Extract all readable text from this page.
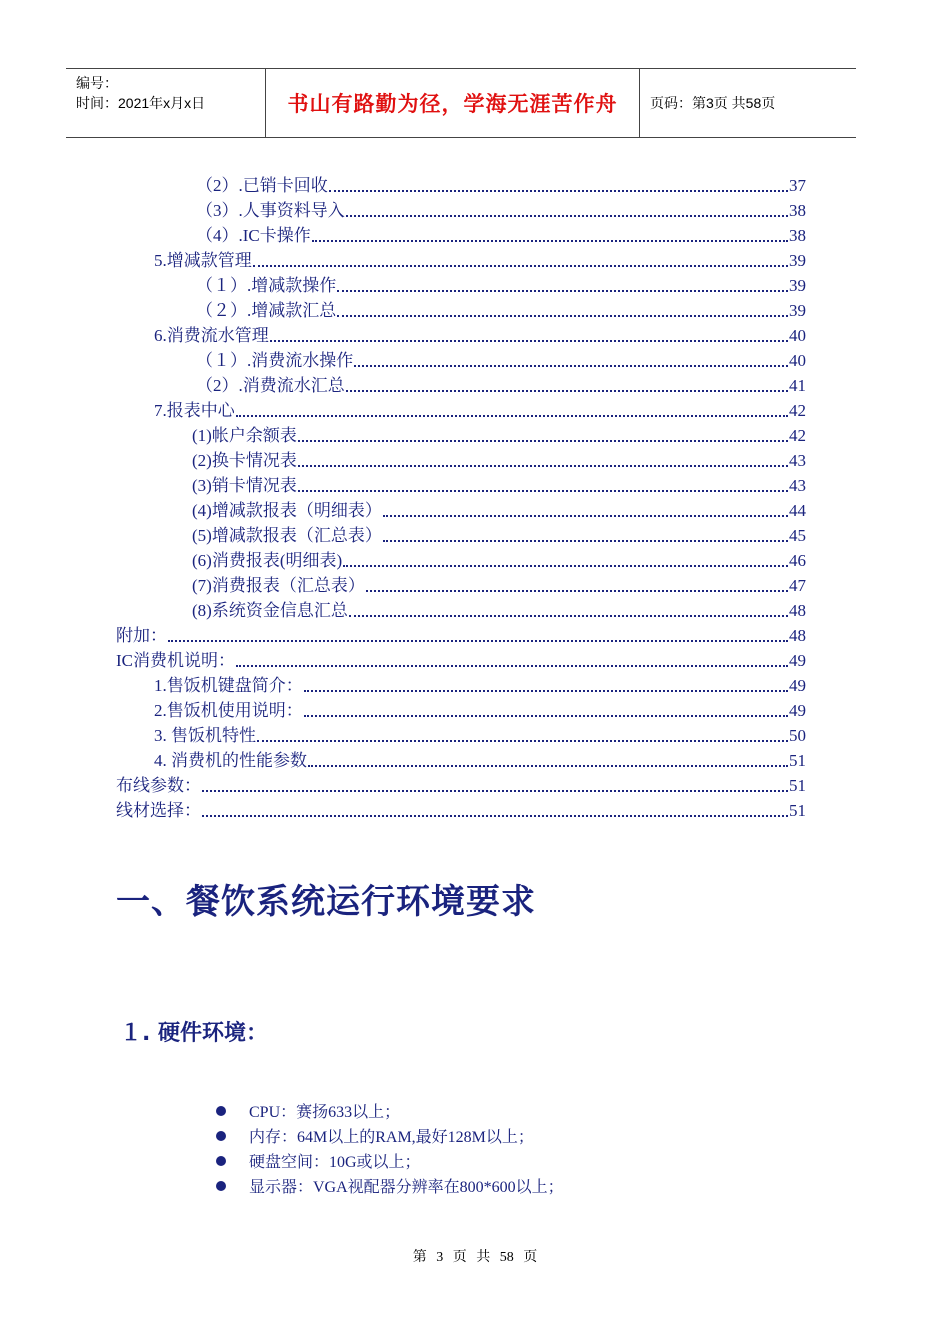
编号：
时间：2021年x月x日	书山有路勤为径，学海无涯苦作舟	页码：第3页 共58页
（2）.已销卡回收	37
（3）.人事资料导入	38
（4）.IC卡操作	38
5.增减款管理	39
（１）.增减款操作	39
（２）.增减款汇总	39
6.消费流水管理	40
（１）.消费流水操作	40
（2）.消费流水汇总	41
7.报表中心	42
(1)帐户余额表	42
(2)换卡情况表	43
(3)销卡情况表	43
(4)增减款报表（明细表）	44
(5)增减款报表（汇总表）	45
(6)消费报表(明细表)	46
(7)消费报表（汇总表）	47
(8)系统资金信息汇总	48
附加：	48
IC消费机说明：	49
1.售饭机键盘简介：	49
2.售饭机使用说明：	49
3. 售饭机特性	50
4. 消费机的性能参数	51
布线参数：	51
线材选择：	51
一、餐饮系统运行环境要求
１. 硬件环境：
CPU：赛扬633以上；
内存：64M以上的RAM,最好128M以上；
硬盘空间：10G或以上；
显示器：VGA视配器分辨率在800*600以上；
第 3 页 共 58 页
